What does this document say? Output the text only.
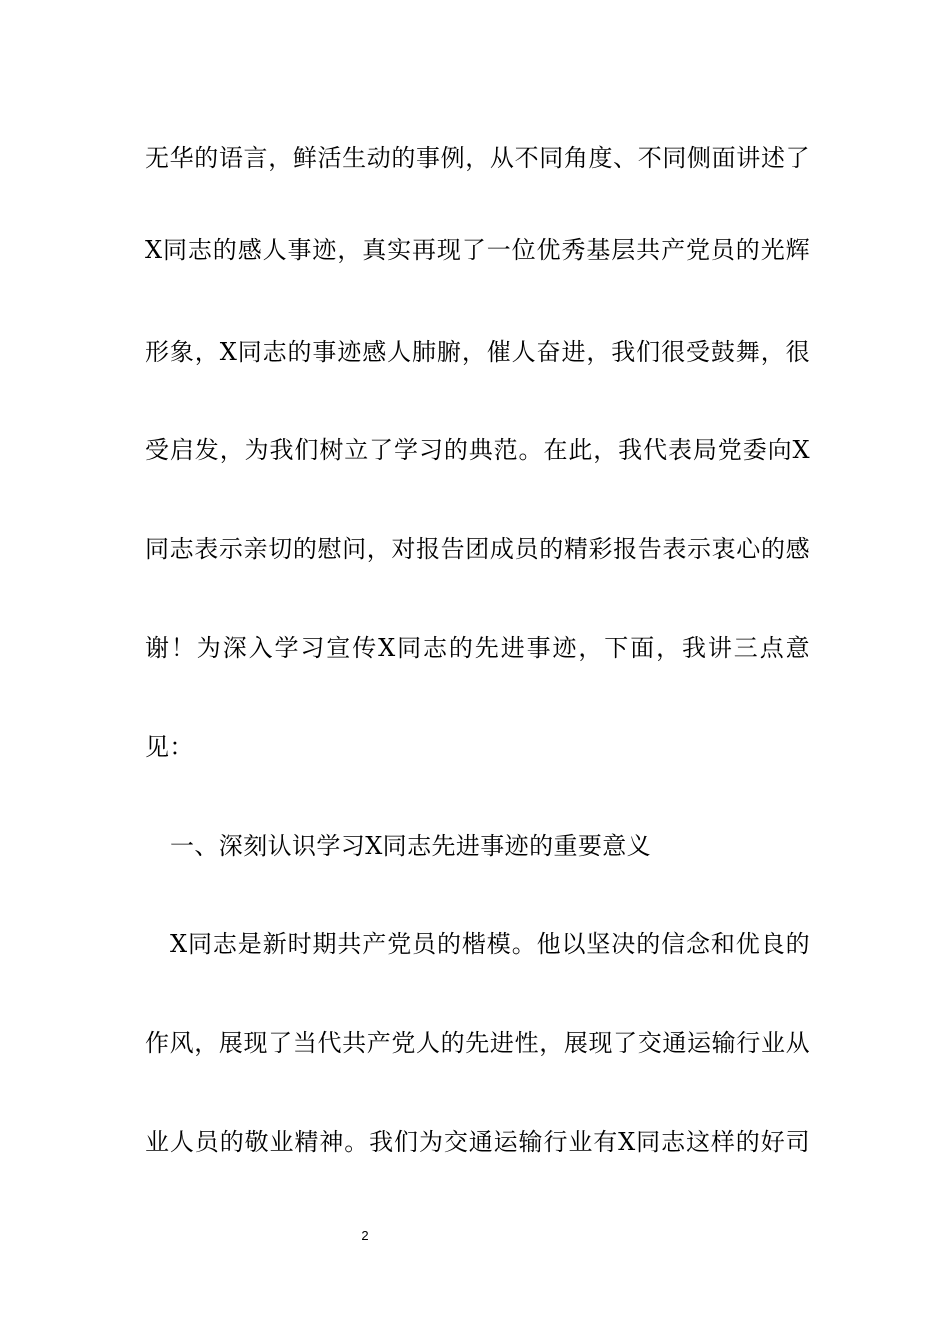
无华的语言，鲜活生动的事例，从不同角度、不同侧面讲述了
X同志的感人事迹，真实再现了一位优秀基层共产党员的光辉
形象，X同志的事迹感人肺腑，催人奋进，我们很受鼓舞，很
受启发，为我们树立了学习的典范。在此，我代表局党委向X
同志表示亲切的慰问，对报告团成员的精彩报告表示衷心的感
谢！为深入学习宣传X同志的先进事迹，下面，我讲三点意
见：
一、深刻认识学习X同志先进事迹的重要意义
X同志是新时期共产党员的楷模。他以坚决的信念和优良的
作风，展现了当代共产党人的先进性，展现了交通运输行业从
业人员的敬业精神。我们为交通运输行业有X同志这样的好司
2
